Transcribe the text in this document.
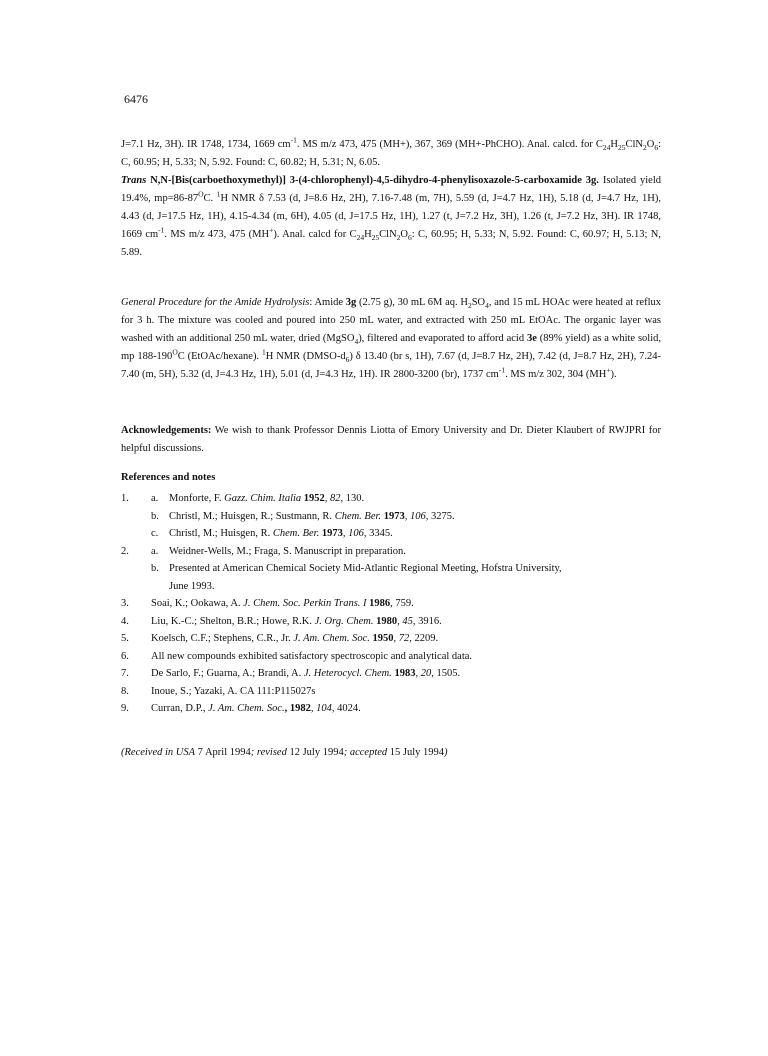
6476
J=7.1 Hz, 3H). IR 1748, 1734, 1669 $cm^{-1}$. MS m/z 473, 475 (MH+), 367, 369 (MH+-PhCHO). Anal. calcd. for $C_{24}H_{25}ClN_2O_6$: C, 60.95; H, 5.33; N, 5.92. Found: C, 60.82; H, 5.31; N, 6.05.
Trans N,N-[Bis(carboethoxymethyl)] 3-(4-chlorophenyl)-4,5-dihydro-4-phenylisoxazole-5-carboxamide 3g. Isolated yield 19.4%, $mp=86-87^OC$. $^1$H NMR δ 7.53 (d, J=8.6 Hz, 2H), 7.16-7.48 (m, 7H), 5.59 (d, J=4.7 Hz, 1H), 5.18 (d, J=4.7 Hz, 1H), 4.43 (d, J=17.5 Hz, 1H), 4.15-4.34 (m, 6H), 4.05 (d, J=17.5 Hz, 1H), 1.27 (t, J=7.2 Hz, 3H), 1.26 (t, J=7.2 Hz, 3H). IR 1748, 1669 $cm^{-1}$. MS m/z 473, 475 (MH+). Anal. calcd for $C_{24}H_{25}ClN_2O_6$: C, 60.95; H, 5.33; N, 5.92. Found: C, 60.97; H, 5.13; N, 5.89.
General Procedure for the Amide Hydrolysis: Amide 3g (2.75 g), 30 mL 6M aq. $H_2SO_4$, and 15 mL HOAc were heated at reflux for 3 h. The mixture was cooled and poured into 250 mL water, and extracted with 250 mL EtOAc. The organic layer was washed with an additional 250 mL water, dried (MgSO$_4$), filtered and evaporated to afford acid 3e (89% yield) as a white solid, mp $188-190^OC$ (EtOAc/hexane). $^1$H NMR $(DMSO-d_6)$ δ 13.40 (br s, 1H), 7.67 (d, J=8.7 Hz, 2H), 7.42 (d, J=8.7 Hz, 2H), 7.24-7.40 (m, 5H), 5.32 (d, J=4.3 Hz, 1H), 5.01 (d, J=4.3 Hz, 1H). IR 2800-3200 (br), 1737 $cm^{-1}$. MS m/z 302, 304 (MH+).
Acknowledgements: We wish to thank Professor Dennis Liotta of Emory University and Dr. Dieter Klaubert of RWJPRI for helpful discussions.
References and notes
1.	a.	Monforte, F. Gazz. Chim. Italia 1952, 82, 130.
b. Christl, M.; Huisgen, R.; Sustmann, R. Chem. Ber. 1973, 106, 3275.
c.	Christl, M.; Huisgen, R. Chem. Ber. 1973, 106, 3345.
2.	a.	Weidner-Wells, M.; Fraga, S. Manuscript in preparation.
b. Presented at American Chemical Society Mid-Atlantic Regional Meeting, Hofstra University,
June 1993.
3.	Soai, K.; Ookawa, A. J. Chem. Soc. Perkin Trans. I 1986, 759.
4.	Liu, K.-C.; Shelton, B.R.; Howe, R.K. J. Org. Chem. 1980, 45, 3916.
5.	Koelsch, C.F.; Stephens, C.R., Jr. J. Am. Chem. Soc. 1950, 72, 2209.
6.	All new compounds exhibited satisfactory spectroscopic and analytical data.
7.	De Sarlo, F.; Guarna, A.; Brandi, A. J. Heterocycl. Chem. 1983, 20, 1505.
8.	Inoue, S.; Yazaki, A. CA 111:P115027s
9.	Curran, D.P., J. Am. Chem. Soc., 1982, 104, 4024.
(Received in USA 7 April 1994; revised 12 July 1994; accepted 15 July 1994)
